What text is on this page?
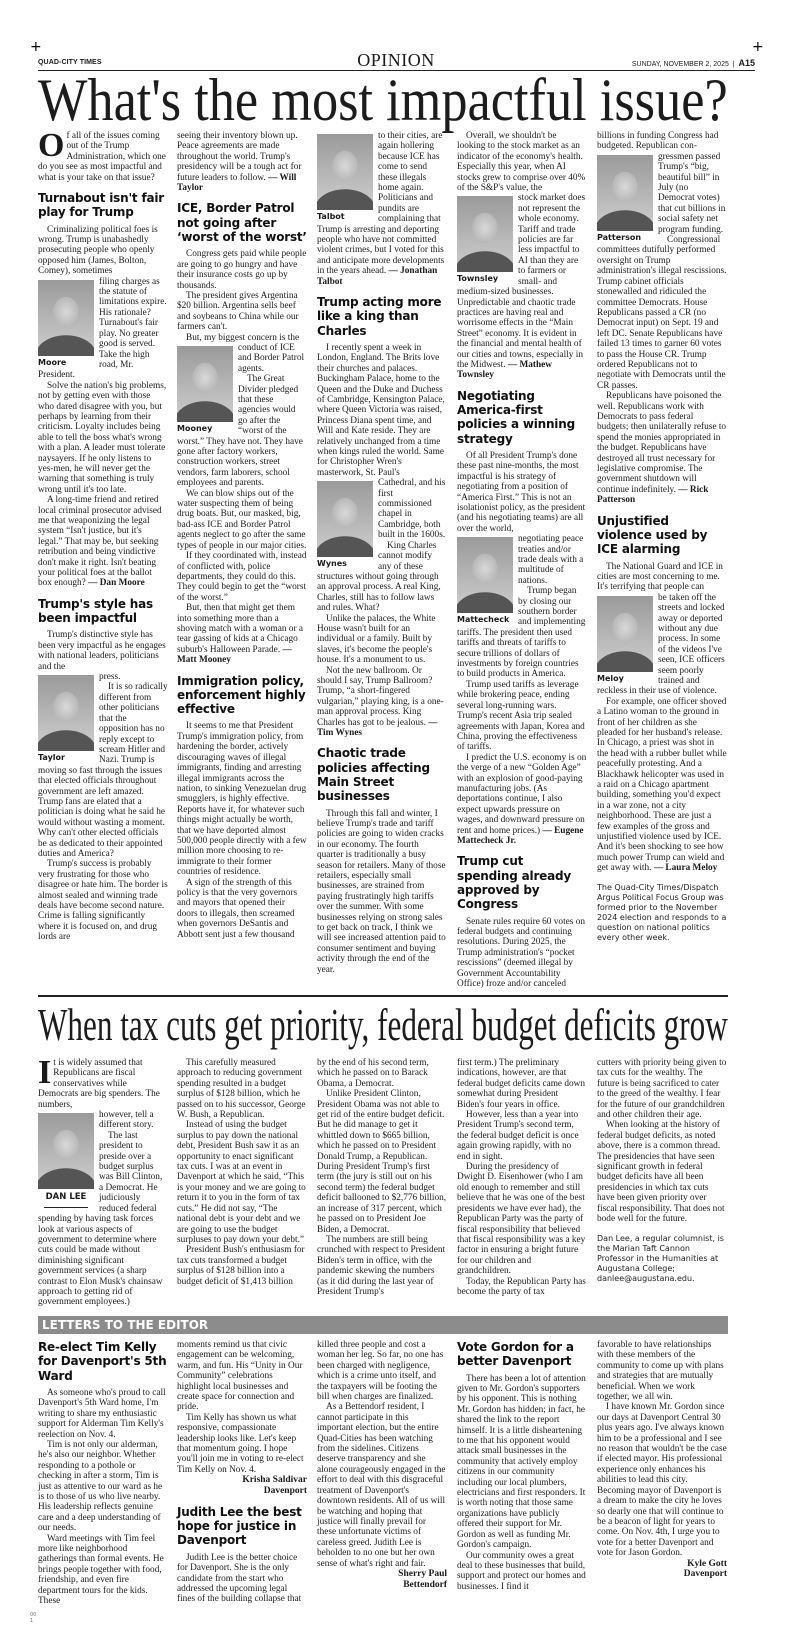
+	+
QUAD-CITY TIMES	OPINION	SUNDAY, NOVEMBER 2, 2025  |  A15
What's the most impactful issue?

Of all of the issues coming out of the Trump Administration, which one do you see as most impactful and what is your take on that issue?

Turnabout isn't fair play for Trump

Criminalizing political foes is wrong. Trump is unabashedly prosecuting people who openly opposed him (James, Bolton, Comey), sometimes

Moore

filing charges as the statute of limitations expire. His rationale? Turnabout's fair play. No greater good is served. Take the high road, Mr. President.

Solve the nation's big problems, not by getting even with those who dared disagree with you, but perhaps by learning from their criticism. Loyalty includes being able to tell the boss what's wrong with a plan. A leader must tolerate naysayers. If he only listens to yes-men, he will never get the warning that something is truly wrong until it's too late.

A long-time friend and retired local criminal prosecutor advised me that weaponizing the legal system “Isn't justice, but it's legal.” That may be, but seeking retribution and being vindictive don't make it right. Isn't beating your political foes at the ballot box enough? — Dan Moore

Trump's style has been impactful

Trump's distinctive style has been very impactful as he engages with national leaders, politicians and the

Taylor

press.

It is so radically different from other politicians that the opposition has no reply except to scream Hitler and Nazi. Trump is moving so fast through the issues that elected officials throughout government are left amazed. Trump fans are elated that a politician is doing what he said he would without wasting a moment. Why can't other elected officials be as dedicated to their appointed duties and America?

Trump's success is probably very frustrating for those who disagree or hate him. The border is almost sealed and winning trade deals have become second nature. Crime is falling significantly where it is focused on, and drug lords are

seeing their inventory blown up. Peace agreements are made throughout the world. Trump's presidency will be a tough act for future leaders to follow. — Will Taylor

ICE, Border Patrol not going after ‘worst of the worst’

Congress gets paid while people are going to go hungry and have their insurance costs go up by thousands.

The president gives Argentina $20 billion. Argentina sells beef and soybeans to China while our farmers can't.

But, my biggest concern is the

Mooney

conduct of ICE and Border Patrol agents.

The Great Divider pledged that these agencies would go after the “worst of the worst.” They have not. They have gone after factory workers, construction workers, street vendors, farm laborers, school employees and parents.

We can blow ships out of the water suspecting them of being drug boats. But, our masked, big, bad-ass ICE and Border Patrol agents neglect to go after the same types of people in our major cities.

If they coordinated with, instead of conflicted with, police departments, they could do this. They could begin to get the “worst of the worst.”

But, then that might get them into something more than a shoving match with a woman or a tear gassing of kids at a Chicago suburb's Halloween Parade. — Matt Mooney

Immigration policy, enforcement highly effective

It seems to me that President Trump's immigration policy, from hardening the border, actively discouraging waves of illegal immigrants, finding and arresting illegal immigrants across the nation, to sinking Venezuelan drug smugglers, is highly effective. Reports have it, for whatever such things might actually be worth, that we have deported almost 500,000 people directly with a few million more choosing to re-immigrate to their former countries of residence.

A sign of the strength of this policy is that the very governors and mayors that opened their doors to illegals, then screamed when governors DeSantis and Abbott sent just a few thousand

Talbot

to their cities, are again hollering because ICE has come to send these illegals home again. Politicians and pundits are complaining that Trump is arresting and deporting people who have not committed violent crimes, but I voted for this and anticipate more developments in the years ahead. — Jonathan Talbot

Trump acting more like a king than Charles

I recently spent a week in London, England. The Brits love their churches and palaces. Buckingham Palace, home to the Queen and the Duke and Duchess of Cambridge, Kensington Palace, where Queen Victoria was raised, Princess Diana spent time, and Will and Kate reside. They are relatively unchanged from a time when kings ruled the world. Same for Christopher Wren's masterwork, St. Paul's

Wynes

Cathedral, and his first commissioned chapel in Cambridge, both built in the 1600s.

King Charles cannot modify any of these structures without going through an approval process. A real King, Charles, still has to follow laws and rules. What?

Unlike the palaces, the White House wasn't built for an individual or a family. Built by slaves, it's become the people's house. It's a monument to us.

Not the new ballroom. Or should I say, Trump Ballroom? Trump, “a short-fingered vulgarian,” playing king, is a one-man approval process. King Charles has got to be jealous. — Tim Wynes

Chaotic trade policies affecting Main Street businesses

Through this fall and winter, I believe Trump's trade and tariff policies are going to widen cracks in our economy. The fourth quarter is traditionally a busy season for retailers. Many of those retailers, especially small businesses, are strained from paying frustratingly high tariffs over the summer. With some businesses relying on strong sales to get back on track, I think we will see increased attention paid to consumer sentiment and buying activity through the end of the year.

Overall, we shouldn't be looking to the stock market as an indicator of the economy's health. Especially this year, when AI stocks grew to comprise over 40% of the S&P's value, the

Townsley

stock market does not represent the whole economy. Tariff and trade policies are far less impactful to AI than they are to farmers or small- and medium-sized businesses. Unpredictable and chaotic trade practices are having real and worrisome effects in the “Main Street” economy. It is evident in the financial and mental health of our cities and towns, especially in the Midwest. — Mathew Townsley

Negotiating America-first policies a winning strategy

Of all President Trump's done these past nine-months, the most impactful is his strategy of negotiating from a position of “America First.” This is not an isolationist policy, as the president (and his negotiating teams) are all over the world,

Mattecheck

negotiating peace treaties and/or trade deals with a multitude of nations.

Trump began by closing our southern border and implementing tariffs. The president then used tariffs and threats of tariffs to secure trillions of dollars of investments by foreign countries to build products in America.

Trump used tariffs as leverage while brokering peace, ending several long-running wars. Trump's recent Asia trip sealed agreements with Japan, Korea and China, proving the effectiveness of tariffs.

I predict the U.S. economy is on the verge of a new “Golden Age” with an explosion of good-paying manufacturing jobs. (As deportations continue, I also expect upwards pressure on wages, and downward pressure on rent and home prices.) — Eugene Mattecheck Jr.

Trump cut spending already approved by Congress

Senate rules require 60 votes on federal budgets and continuing resolutions. During 2025, the Trump administration's “pocket rescissions” (deemed illegal by Government Accountability Office) froze and/or canceled

billions in funding Congress had budgeted. Republican con-

Patterson

gressmen passed Trump's “big, beautiful bill” in July (no Democrat votes) that cut billions in social safety net program funding.

Congressional committees dutifully performed oversight on Trump administration's illegal rescissions. Trump cabinet officials stonewalled and ridiculed the committee Democrats. House Republicans passed a CR (no Democrat input) on Sept. 19 and left DC. Senate Republicans have failed 13 times to garner 60 votes to pass the House CR. Trump ordered Republicans not to negotiate with Democrats until the CR passes.

Republicans have poisoned the well. Republicans work with Democrats to pass federal budgets; then unilaterally refuse to spend the monies appropriated in the budget. Republicans have destroyed all trust necessary for legislative compromise. The government shutdown will continue indefinitely. — Rick Patterson

Unjustified violence used by ICE alarming

The National Guard and ICE in cities are most concerning to me. It's terrifying that people can

Meloy

be taken off the streets and locked away or deported without any due process. In some of the videos I've seen, ICE officers seem poorly trained and reckless in their use of violence.

For example, one officer shoved a Latino woman to the ground in front of her children as she pleaded for her husband's release. In Chicago, a priest was shot in the head with a rubber bullet while peacefully protesting. And a Blackhawk helicopter was used in a raid on a Chicago apartment building, something you'd expect in a war zone, not a city neighborhood. These are just a few examples of the gross and unjustified violence used by ICE. And it's been shocking to see how much power Trump can wield and get away with. — Laura Meloy

The Quad-City Times/Dispatch Argus Political Focus Group was formed prior to the November 2024 election and responds to a question on national politics every other week.

When tax cuts get priority, federal budget deficits grow

It is widely assumed that Republicans are fiscal conservatives while Democrats are big spenders. The numbers,

DAN LEE

however, tell a different story.

The last president to preside over a budget surplus was Bill Clinton, a Democrat. He judiciously reduced federal spending by having task forces look at various aspects of government to determine where cuts could be made without diminishing significant government services (a sharp contrast to Elon Musk's chainsaw approach to getting rid of government employees.)

This carefully measured approach to reducing government spending resulted in a budget surplus of $128 billion, which he passed on to his successor, George W. Bush, a Republican.

Instead of using the budget surplus to pay down the national debt, President Bush saw it as an opportunity to enact significant tax cuts. I was at an event in Davenport at which he said, “This is your money and we are going to return it to you in the form of tax cuts.” He did not say, “The national debt is your debt and we are going to use the budget surpluses to pay down your debt.”

President Bush's enthusiasm for tax cuts transformed a budget surplus of $128 billion into a budget deficit of $1,413 billion

by the end of his second term, which he passed on to Barack Obama, a Democrat.

Unlike President Clinton, President Obama was not able to get rid of the entire budget deficit. But he did manage to get it whittled down to $665 billion, which he passed on to President Donald Trump, a Republican. During President Trump's first term (the jury is still out on his second term) the federal budget deficit ballooned to $2,776 billion, an increase of 317 percent, which he passed on to President Joe Biden, a Democrat.

The numbers are still being crunched with respect to President Biden's term in office, with the pandemic skewing the numbers (as it did during the last year of President Trump's

first term.) The preliminary indications, however, are that federal budget deficits came down somewhat during President Biden's four years in office.

However, less than a year into President Trump's second term, the federal budget deficit is once again growing rapidly, with no end in sight.

During the presidency of Dwight D. Eisenhower (who I am old enough to remember and still believe that he was one of the best presidents we have ever had), the Republican Party was the party of fiscal responsibility that believed that fiscal responsibility was a key factor in ensuring a bright future for our children and grandchildren.

Today, the Republican Party has become the party of tax

cutters with priority being given to tax cuts for the wealthy. The future is being sacrificed to cater to the greed of the wealthy. I fear for the future of our grandchildren and other children their age.

When looking at the history of federal budget deficits, as noted above, there is a common thread. The presidencies that have seen significant growth in federal budget deficits have all been presidencies in which tax cuts have been given priority over fiscal responsibility. That does not bode well for the future.

Dan Lee, a regular columnist, is the Marian Taft Cannon Professor in the Humanities at Augustana College; danlee@augustana.edu.

LETTERS TO THE EDITOR
Re-elect Tim Kelly for Davenport's 5th Ward

As someone who's proud to call Davenport's 5th Ward home, I'm writing to share my enthusiastic support for Alderman Tim Kelly's reelection on Nov. 4.

Tim is not only our alderman, he's also our neighbor. Whether responding to a pothole or checking in after a storm, Tim is just as attentive to our ward as he is to those of us who live nearby. His leadership reflects genuine care and a deep understanding of our needs.

Ward meetings with Tim feel more like neighborhood gatherings than formal events. He brings people together with food, friendship, and even fire department tours for the kids. These

moments remind us that civic engagement can be welcoming, warm, and fun. His “Unity in Our Community” celebrations highlight local businesses and create space for connection and pride.

Tim Kelly has shown us what responsive, compassionate leadership looks like. Let's keep that momentum going. I hope you'll join me in voting to re-elect Tim Kelly on Nov. 4.

Krisha Saldivar
Davenport
Judith Lee the best hope for justice in Davenport

Judith Lee is the better choice for Davenport. She is the only candidate from the start who addressed the upcoming legal fines of the building collapse that

killed three people and cost a woman her leg. So far, no one has been charged with negligence, which is a crime unto itself, and the taxpayers will be footing the bill when charges are finalized.

As a Bettendorf resident, I cannot participate in this important election, but the entire Quad-Cities has been watching from the sidelines. Citizens deserve transparency and she alone courageously engaged in the effort to deal with this disgraceful treatment of Davenport's downtown residents. All of us will be watching and hoping that justice will finally prevail for these unfortunate victims of careless greed. Judith Lee is beholden to no one but her own sense of what's right and fair.

Sherry Paul
Bettendorf
Vote Gordon for a better Davenport

There has been a lot of attention given to Mr. Gordon's supporters by his opponent. This is nothing Mr. Gordon has hidden; in fact, he shared the link to the report himself. It is a little disheartening to me that his opponent would attack small businesses in the community that actively employ citizens in our community including our local plumbers, electricians and first responders. It is worth noting that those same organizations have publicly offered their support for Mr. Gordon as well as funding Mr. Gordon's campaign.

Our community owes a great deal to these businesses that build, support and protect our homes and businesses. I find it

favorable to have relationships with these members of the community to come up with plans and strategies that are mutually beneficial. When we work together, we all win.

I have known Mr. Gordon since our days at Davenport Central 30 plus years ago. I've always known him to be a professional and I see no reason that wouldn't be the case if elected mayor. His professional experience only enhances his abilities to lead this city. Becoming mayor of Davenport is a dream to make the city he loves so dearly one that will continue to be a beacon of light for years to come. On Nov. 4th, I urge you to vote for a better Davenport and vote for Jason Gordon.

Kyle Gott
Davenport
00 1
